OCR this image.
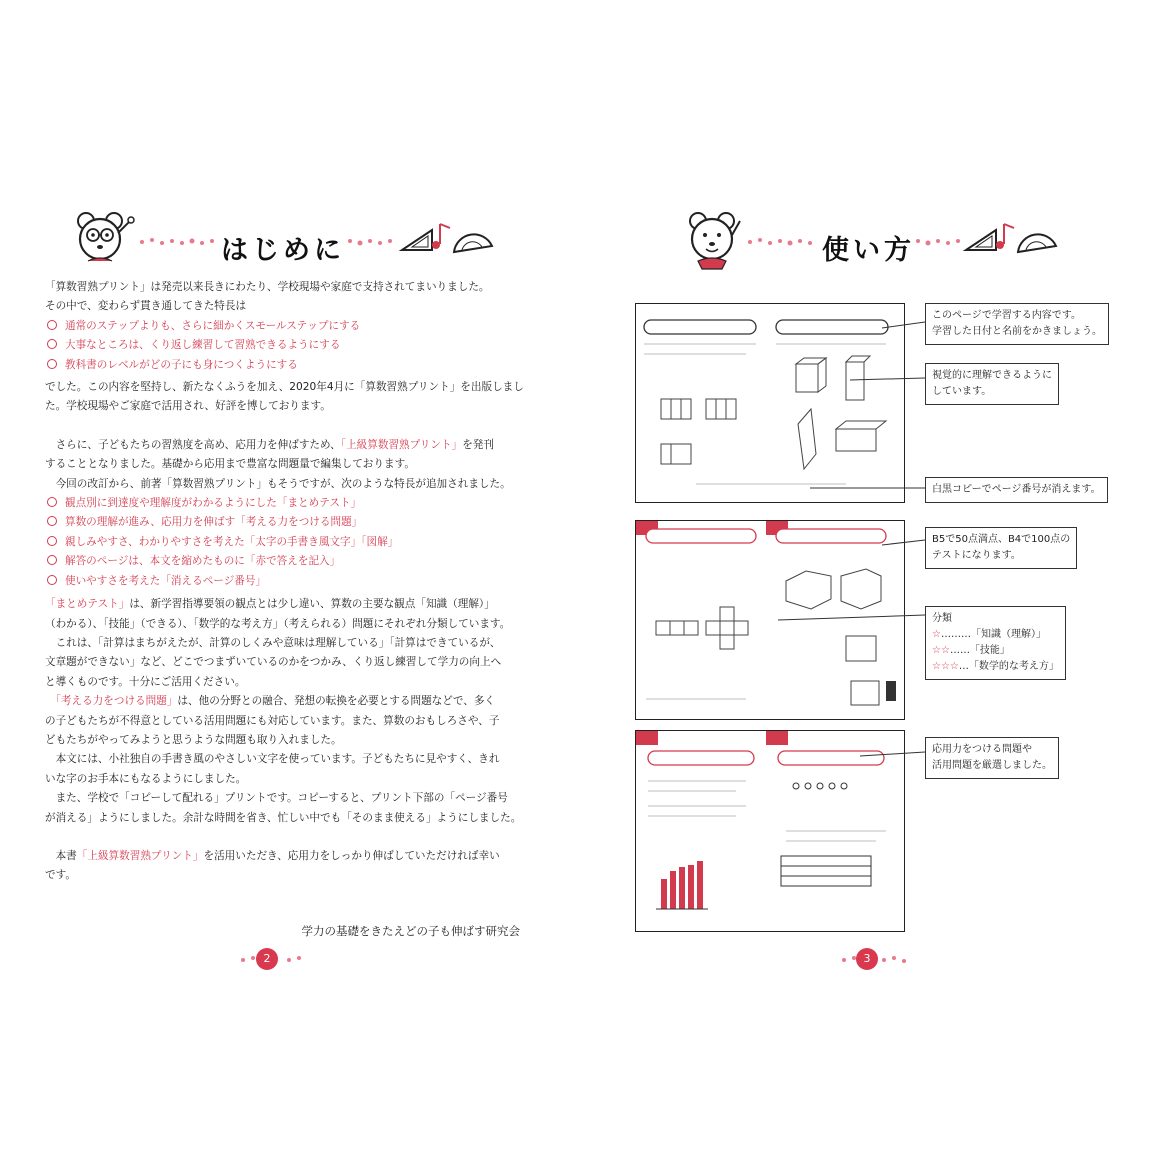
はじめに

「算数習熟プリント」は発売以来長きにわたり、学校現場や家庭で支持されてまいりました。

その中で、変わらず貫き通してきた特長は

通常のステップよりも、さらに細かくスモールステップにする

大事なところは、くり返し練習して習熟できるようにする

教科書のレベルがどの子にも身につくようにする

でした。この内容を堅持し、新たなくふうを加え、2020年4月に「算数習熟プリント」を出版しまし

た。学校現場やご家庭で活用され、好評を博しております。

　さらに、子どもたちの習熟度を高め、応用力を伸ばすため、「上級算数習熟プリント」を発刊

することとなりました。基礎から応用まで豊富な問題量で編集しております。

　今回の改訂から、前著「算数習熟プリント」もそうですが、次のような特長が追加されました。

観点別に到達度や理解度がわかるようにした「まとめテスト」

算数の理解が進み、応用力を伸ばす「考える力をつける問題」

親しみやすさ、わかりやすさを考えた「太字の手書き風文字」「図解」

解答のページは、本文を縮めたものに「赤で答えを記入」

使いやすさを考えた「消えるページ番号」

「まとめテスト」は、新学習指導要領の観点とは少し違い、算数の主要な観点「知識（理解）」

（わかる）、「技能」（できる）、「数学的な考え方」（考えられる）問題にそれぞれ分類しています。

　これは、「計算はまちがえたが、計算のしくみや意味は理解している」「計算はできているが、

文章題ができない」など、どこでつまずいているのかをつかみ、くり返し練習して学力の向上へ

と導くものです。十分にご活用ください。

　「考える力をつける問題」は、他の分野との融合、発想の転換を必要とする問題などで、多く

の子どもたちが不得意としている活用問題にも対応しています。また、算数のおもしろさや、子

どもたちがやってみようと思うような問題も取り入れました。

　本文には、小社独自の手書き風のやさしい文字を使っています。子どもたちに見やすく、きれ

いな字のお手本にもなるようにしました。

　また、学校で「コピーして配れる」プリントです。コピーすると、プリント下部の「ページ番号

が消える」ようにしました。余計な時間を省き、忙しい中でも「そのまま使える」ようにしました。

　本書「上級算数習熟プリント」を活用いただき、応用力をしっかり伸ばしていただければ幸い

です。

学力の基礎をきたえどの子も伸ばす研究会
2
使い方
このページで学習する内容です。
学習した日付と名前をかきましょう。
視覚的に理解できるように
しています。
白黒コピーでページ番号が消えます。
B5で50点満点、B4で100点の
テストになります。
分類
☆………「知識（理解）」
☆☆……「技能」
☆☆☆…「数学的な考え方」
応用力をつける問題や
活用問題を厳選しました。
3
